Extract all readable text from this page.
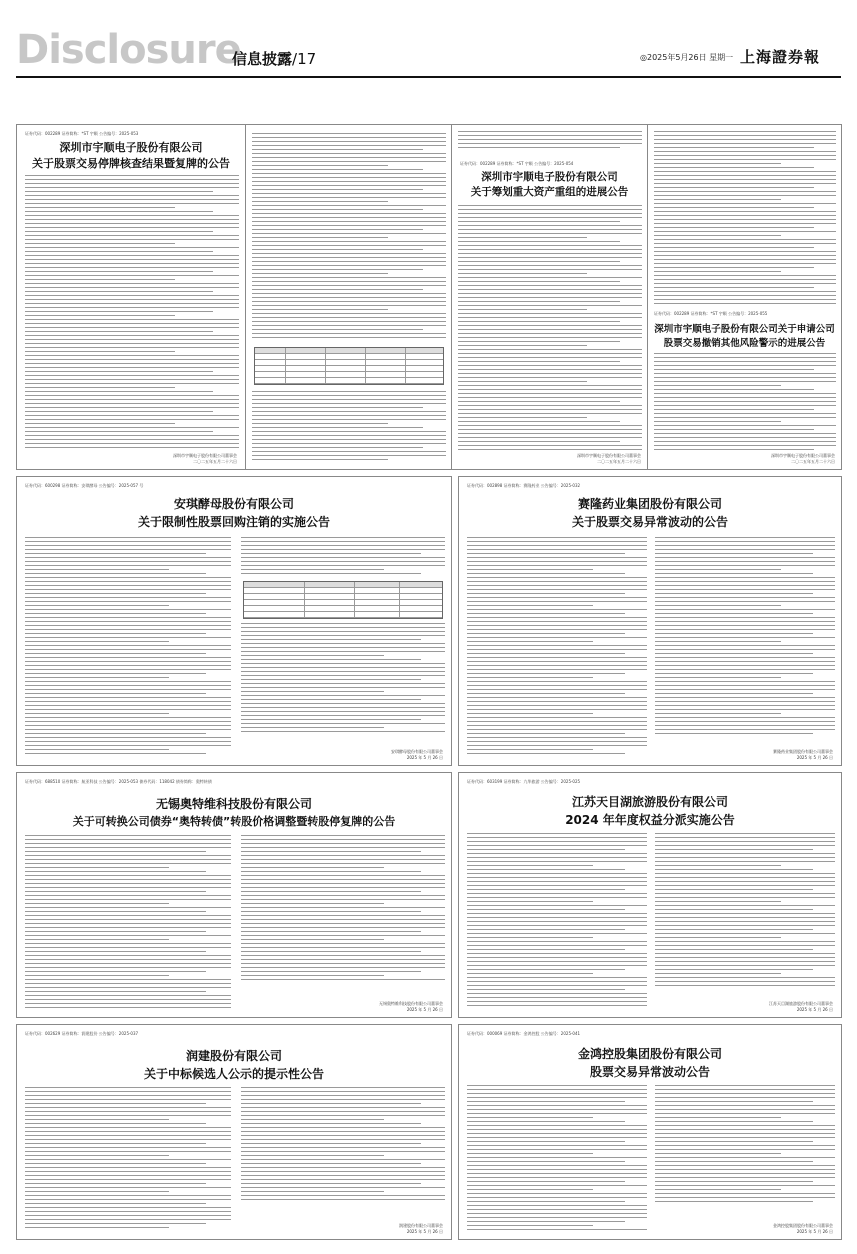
Disclosure
信息披露/17	◎2025年5月26日 星期一 上海證券報
证券代码：002289 证券简称：*ST 宇顺 公告编号：2025-053
深圳市宇顺电子股份有限公司
关于股票交易停牌核查结果暨复牌的公告
深圳市宇顺电子股份有限公司董事会
二〇二五年五月二十六日
证券代码：002289 证券简称：*ST 宇顺 公告编号：2025-054
深圳市宇顺电子股份有限公司
关于筹划重大资产重组的进展公告
深圳市宇顺电子股份有限公司董事会
二〇二五年五月二十六日
证券代码：002289 证券简称：*ST 宇顺 公告编号：2025-055
深圳市宇顺电子股份有限公司关于申请公司
股票交易撤销其他风险警示的进展公告
深圳市宇顺电子股份有限公司董事会
二〇二五年五月二十六日
证券代码：600298 证券简称：安琪酵母 公告编号：2025-057 号
安琪酵母股份有限公司
关于限制性股票回购注销的实施公告
安琪酵母股份有限公司董事会
2025 年 5 月 26 日
证券代码：002898 证券简称：赛隆药业 公告编号：2025-032
赛隆药业集团股份有限公司
关于股票交易异常波动的公告
赛隆药业集团股份有限公司董事会
2025 年 5 月 26 日
证券代码：688510 证券简称：航亚科技 公告编号：2025-053 债券代码：118042 债券简称：奥特转债
无锡奥特维科技股份有限公司
关于可转换公司债券“奥特转债”转股价格调整暨转股停复牌的公告
无锡奥特维科技股份有限公司董事会
2025 年 5 月 26 日
证券代码：603199 证券简称：九华旅游 公告编号：2025-025
江苏天目湖旅游股份有限公司
2024 年年度权益分派实施公告
江苏天目湖旅游股份有限公司董事会
2025 年 5 月 26 日
证券代码：002629 证券简称：润建股份 公告编号：2025-037
润建股份有限公司
关于中标候选人公示的提示性公告
润建股份有限公司董事会
2025 年 5 月 26 日
证券代码：000069 证券简称：金鸿控股 公告编号：2025-041
金鸿控股集团股份有限公司
股票交易异常波动公告
金鸿控股集团股份有限公司董事会
2025 年 5 月 26 日
